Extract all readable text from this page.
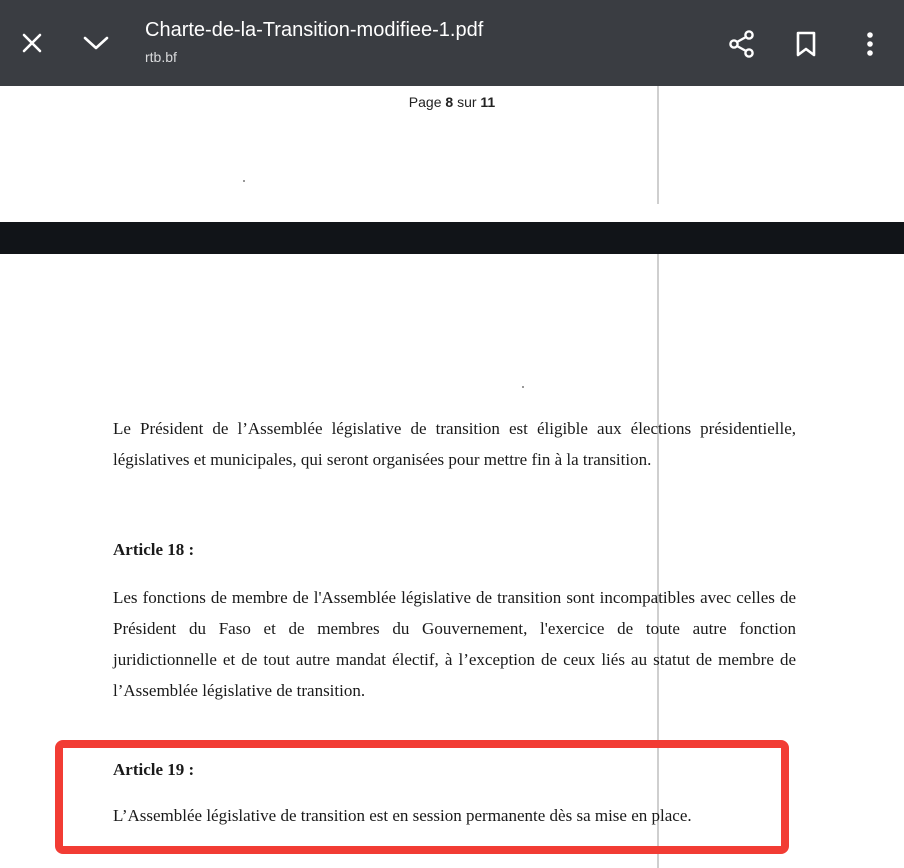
Charte-de-la-Transition-modifiee-1.pdf
rtb.bf
Page 8 sur 11
Le Président de l’Assemblée législative de transition est éligible aux élections présidentielle, législatives et municipales, qui seront organisées pour mettre fin à la transition.
Article 18 :
Les fonctions de membre de l'Assemblée législative de transition sont incompatibles avec celles de Président du Faso et de membres du Gouvernement, l'exercice de toute autre fonction juridictionnelle et de tout autre mandat électif, à l’exception de ceux liés au statut de membre de l’Assemblée législative de transition.
Article 19 :
L’Assemblée législative de transition est en session permanente dès sa mise en place.
